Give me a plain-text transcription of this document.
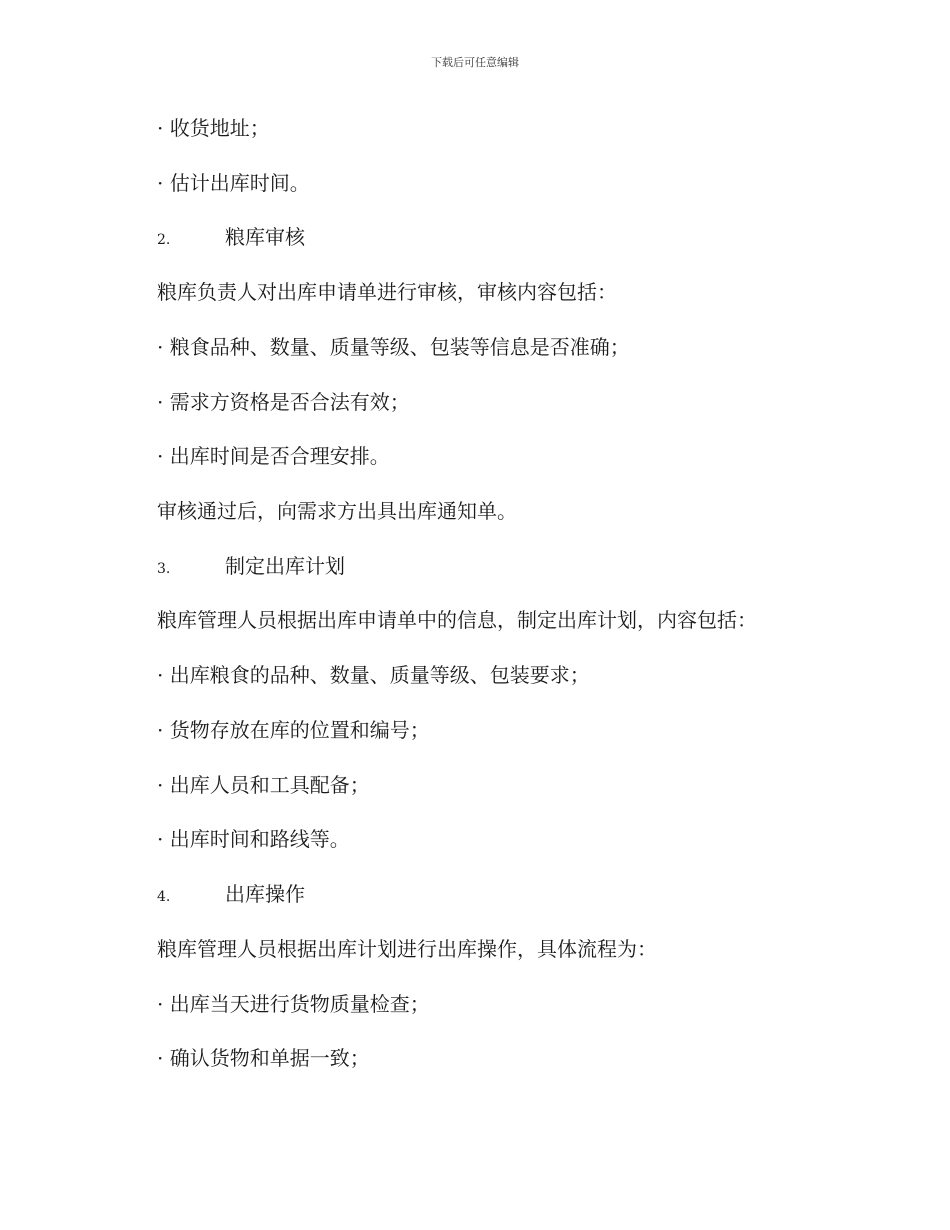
下载后可任意编辑
· 收货地址；
· 估计出库时间。
2.	粮库审核
粮库负责人对出库申请单进行审核，审核内容包括：
· 粮食品种、数量、质量等级、包装等信息是否准确；
· 需求方资格是否合法有效；
· 出库时间是否合理安排。
审核通过后，向需求方出具出库通知单。
3.	制定出库计划
粮库管理人员根据出库申请单中的信息，制定出库计划，内容包括：
· 出库粮食的品种、数量、质量等级、包装要求；
· 货物存放在库的位置和编号；
· 出库人员和工具配备；
· 出库时间和路线等。
4.	出库操作
粮库管理人员根据出库计划进行出库操作，具体流程为：
· 出库当天进行货物质量检查；
· 确认货物和单据一致；
